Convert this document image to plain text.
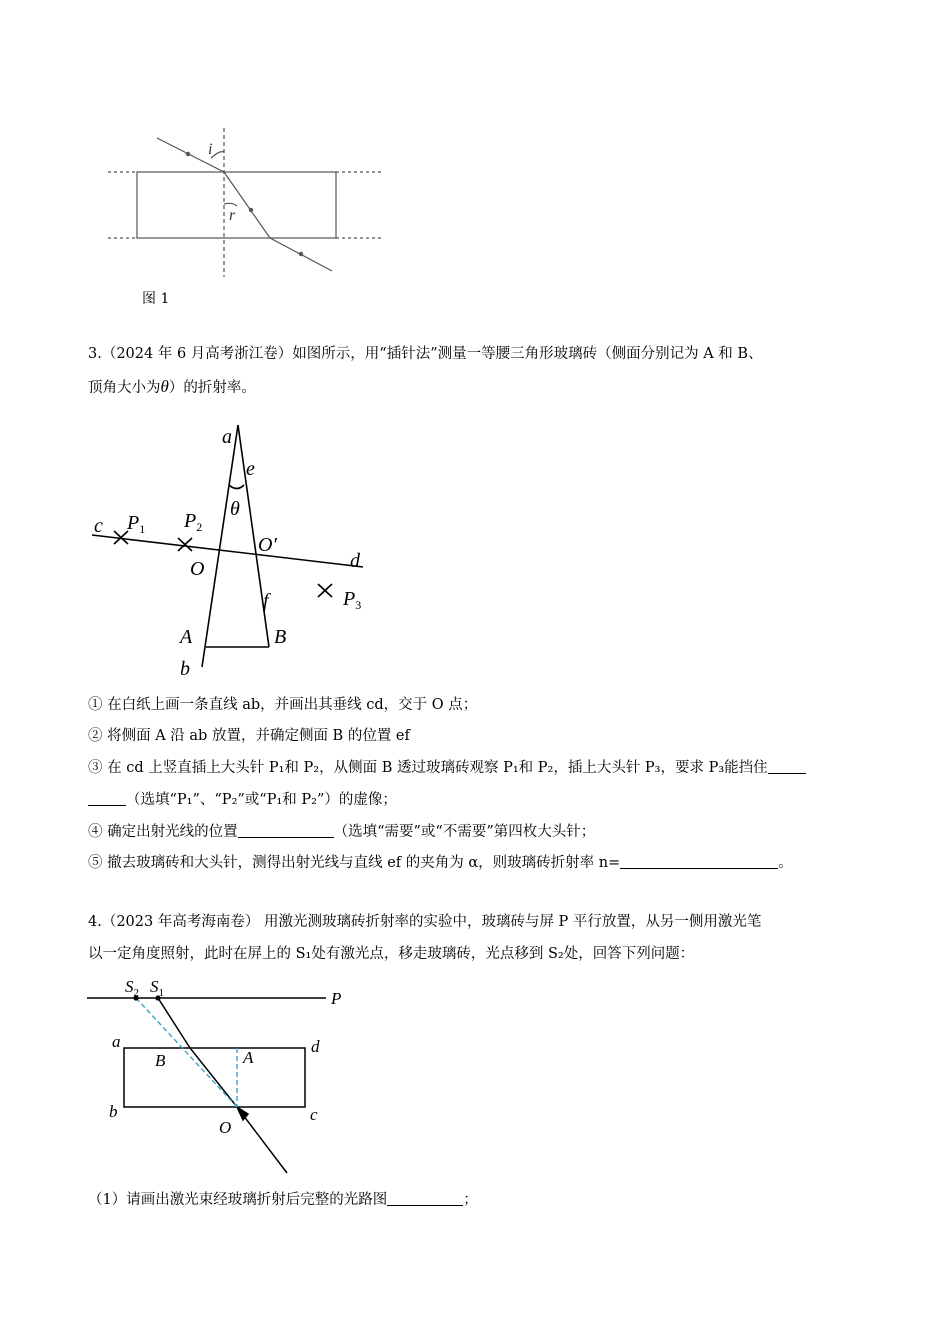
i
r
图 1
3.（2024 年 6 月高考浙江卷）如图所示，用“插针法”测量一等腰三角形玻璃砖（侧面分别记为 A 和 B、
顶角大小为θ）的折射率。
a
e
θ
c $P_1$ $P_2$
O′
O	d
$P_3$
f
A	B
b
① 在白纸上画一条直线 ab，并画出其垂线 cd，交于 O 点；
② 将侧面 A 沿 ab 放置，并确定侧面 B 的位置 ef
③ 在 cd 上竖直插上大头针 P₁和 P₂，从侧面 B 透过玻璃砖观察 P₁和 P₂，插上大头针 P₃，要求 P₃能挡住
（选填“P₁”、“P₂”或“P₁和 P₂”）的虚像；
④ 确定出射光线的位置	（选填“需要”或“不需要”第四枚大头针；
⑤ 撤去玻璃砖和大头针，测得出射光线与直线 ef 的夹角为 α，则玻璃砖折射率 n=	。
4.（2023 年高考海南卷） 用激光测玻璃砖折射率的实验中，玻璃砖与屏 P 平行放置，从另一侧用激光笔
以一定角度照射，此时在屏上的 S₁处有激光点，移走玻璃砖，光点移到 S₂处，回答下列问题：
$S_2$ $S_1$	P
a	d
B	A
b	c
O
（1）请画出激光束经玻璃折射后完整的光路图	；
